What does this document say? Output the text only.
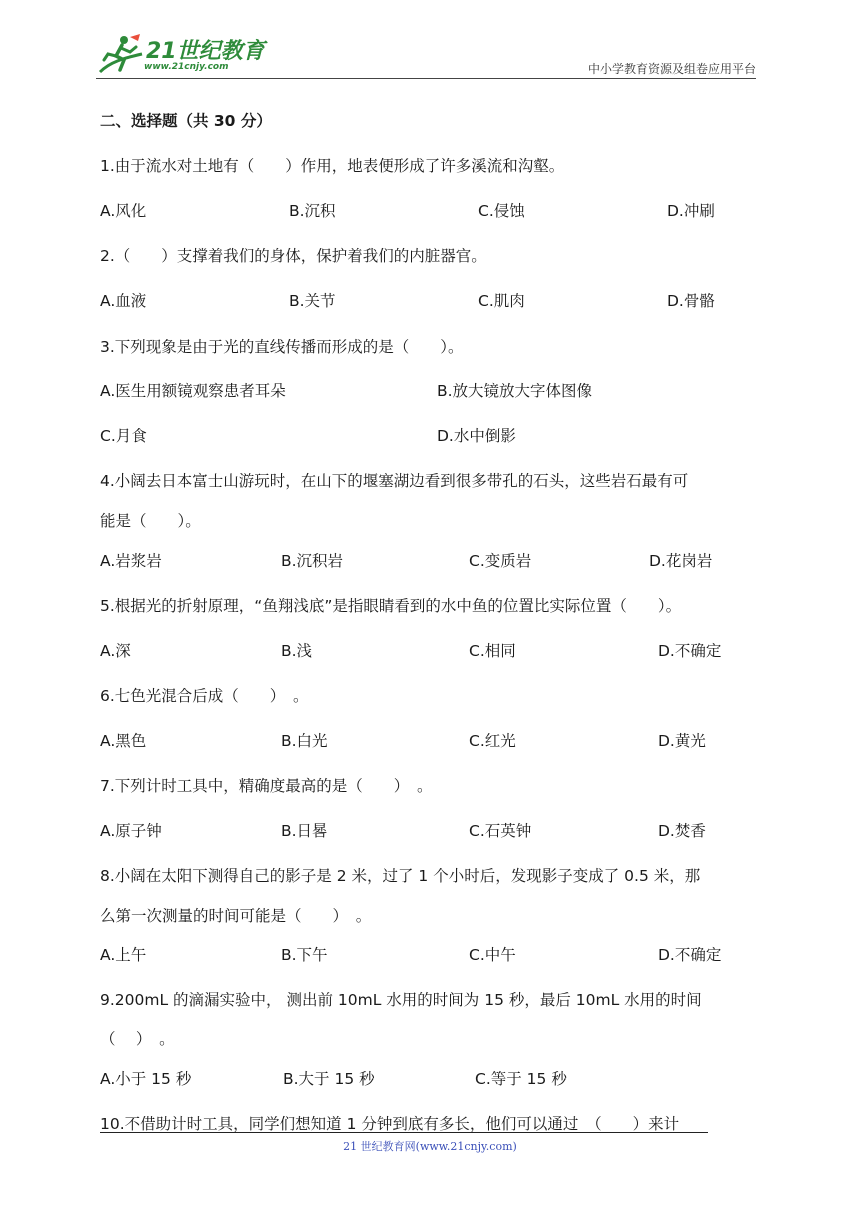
21世纪教育
www.21cnjy.com	中小学教育资源及组卷应用平台
二、选择题（共 30 分）
1.由于流水对土地有（　　）作用，地表便形成了许多溪流和沟壑。
A.风化	B.沉积	C.侵蚀	D.冲刷
2.（　　）支撑着我们的身体，保护着我们的内脏器官。
A.血液	B.关节	C.肌肉	D.骨骼
3.下列现象是由于光的直线传播而形成的是（　　）。
A.医生用额镜观察患者耳朵	B.放大镜放大字体图像
C.月食	D.水中倒影
4.小阔去日本富士山游玩时，在山下的堰塞湖边看到很多带孔的石头，这些岩石最有可
能是（　　）。
A.岩浆岩	B.沉积岩	C.变质岩	D.花岗岩
5.根据光的折射原理，“鱼翔浅底”是指眼睛看到的水中鱼的位置比实际位置（　　）。
A.深	B.浅	C.相同	D.不确定
6.七色光混合后成（　　）　。
A.黑色	B.白光	C.红光	D.黄光
7.下列计时工具中，精确度最高的是（　　）　。
A.原子钟	B.日晷	C.石英钟	D.焚香
8.小阔在太阳下测得自己的影子是 2 米，过了 1 个小时后，发现影子变成了 0.5 米，那
么第一次测量的时间可能是（　　）　。
A.上午	B.下午	C.中午	D.不确定
9.200mL 的滴漏实验中， 测出前 10mL 水用的时间为 15 秒，最后 10mL 水用的时间
（　 ）　。
A.小于 15 秒	B.大于 15 秒	C.等于 15 秒
10.不借助计时工具，同学们想知道 1 分钟到底有多长，他们可以通过　（　　）来计
21 世纪教育网(www.21cnjy.com)
